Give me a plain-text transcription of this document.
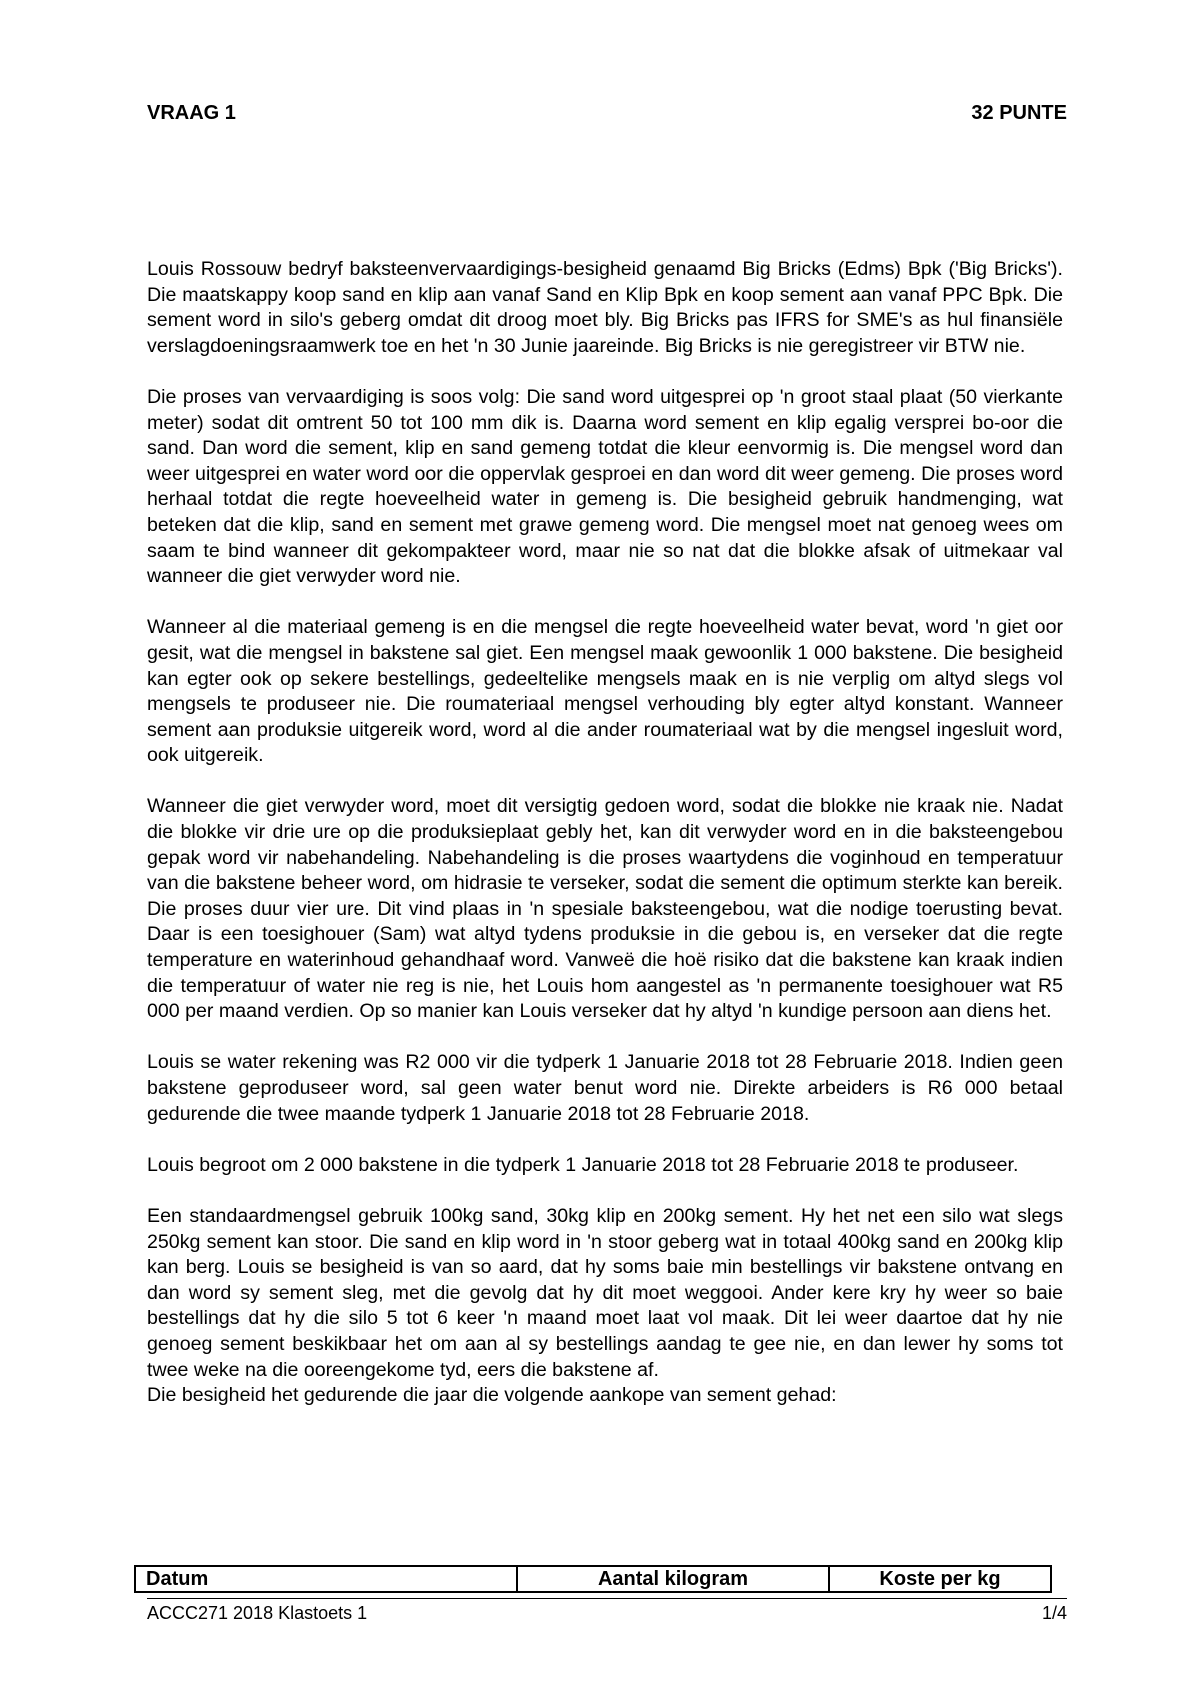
VRAAG 1	32 PUNTE

Louis Rossouw bedryf baksteenvervaardigings-besigheid genaamd Big Bricks (Edms) Bpk ('Big Bricks'). Die maatskappy koop sand en klip aan vanaf Sand en Klip Bpk en koop sement aan vanaf PPC Bpk. Die sement word in silo's geberg omdat dit droog moet bly. Big Bricks pas IFRS for SME's as hul finansiële verslagdoeningsraamwerk toe en het 'n 30 Junie jaareinde. Big Bricks is nie geregistreer vir BTW nie.

Die proses van vervaardiging is soos volg: Die sand word uitgesprei op 'n groot staal plaat (50 vierkante meter) sodat dit omtrent 50 tot 100 mm dik is. Daarna word sement en klip egalig versprei bo-oor die sand. Dan word die sement, klip en sand gemeng totdat die kleur eenvormig is. Die mengsel word dan weer uitgesprei en water word oor die oppervlak gesproei en dan word dit weer gemeng. Die proses word herhaal totdat die regte hoeveelheid water in gemeng is. Die besigheid gebruik handmenging, wat beteken dat die klip, sand en sement met grawe gemeng word. Die mengsel moet nat genoeg wees om saam te bind wanneer dit gekompakteer word, maar nie so nat dat die blokke afsak of uitmekaar val wanneer die giet verwyder word nie.

Wanneer al die materiaal gemeng is en die mengsel die regte hoeveelheid water bevat, word 'n giet oor gesit, wat die mengsel in bakstene sal giet. Een mengsel maak gewoonlik 1 000 bakstene. Die besigheid kan egter ook op sekere bestellings, gedeeltelike mengsels maak en is nie verplig om altyd slegs vol mengsels te produseer nie. Die roumateriaal mengsel verhouding bly egter altyd konstant. Wanneer sement aan produksie uitgereik word, word al die ander roumateriaal wat by die mengsel ingesluit word, ook uitgereik.

Wanneer die giet verwyder word, moet dit versigtig gedoen word, sodat die blokke nie kraak nie. Nadat die blokke vir drie ure op die produksieplaat gebly het, kan dit verwyder word en in die baksteengebou gepak word vir nabehandeling. Nabehandeling is die proses waartydens die voginhoud en temperatuur van die bakstene beheer word, om hidrasie te verseker, sodat die sement die optimum sterkte kan bereik. Die proses duur vier ure. Dit vind plaas in 'n spesiale baksteengebou, wat die nodige toerusting bevat. Daar is een toesighouer (Sam) wat altyd tydens produksie in die gebou is, en verseker dat die regte temperature en waterinhoud gehandhaaf word. Vanweë die hoë risiko dat die bakstene kan kraak indien die temperatuur of water nie reg is nie, het Louis hom aangestel as 'n permanente toesighouer wat R5 000 per maand verdien. Op so manier kan Louis verseker dat hy altyd 'n kundige persoon aan diens het.

Louis se water rekening was R2 000 vir die tydperk 1 Januarie 2018 tot 28 Februarie 2018. Indien geen bakstene geproduseer word, sal geen water benut word nie. Direkte arbeiders is R6 000 betaal gedurende die twee maande tydperk 1 Januarie 2018 tot 28 Februarie 2018.

Louis begroot om 2 000 bakstene in die tydperk 1 Januarie 2018 tot 28 Februarie 2018 te produseer.

Een standaardmengsel gebruik 100kg sand, 30kg klip en 200kg sement. Hy het net een silo wat slegs 250kg sement kan stoor. Die sand en klip word in 'n stoor geberg wat in totaal 400kg sand en 200kg klip kan berg. Louis se besigheid is van so aard, dat hy soms baie min bestellings vir bakstene ontvang en dan word sy sement sleg, met die gevolg dat hy dit moet weggooi. Ander kere kry hy weer so baie bestellings dat hy die silo 5 tot 6 keer 'n maand moet laat vol maak. Dit lei weer daartoe dat hy nie genoeg sement beskikbaar het om aan al sy bestellings aandag te gee nie, en dan lewer hy soms tot twee weke na die ooreengekome tyd, eers die bakstene af.

Die besigheid het gedurende die jaar die volgende aankope van sement gehad:

Datum	Aantal kilogram	Koste per kg
ACCC271 2018 Klastoets 1	1/4
